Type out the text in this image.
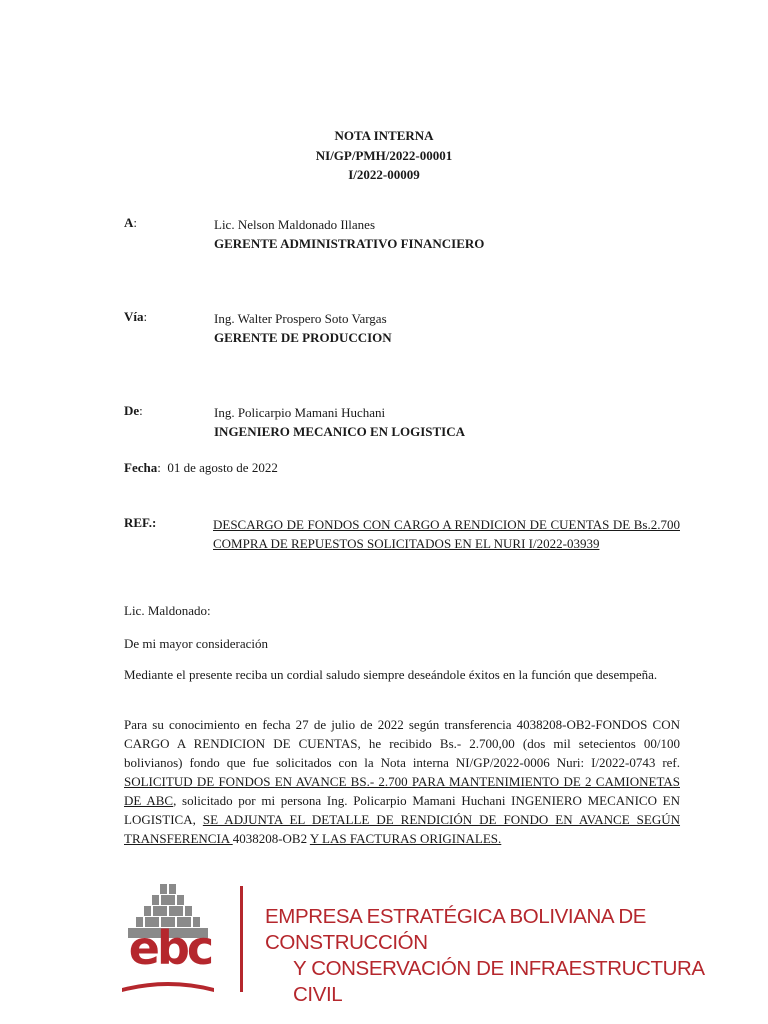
NOTA INTERNA
NI/GP/PMH/2022-00001
I/2022-00009
A:	Lic. Nelson Maldonado Illanes
GERENTE ADMINISTRATIVO FINANCIERO
Vía:	Ing. Walter Prospero Soto Vargas
GERENTE DE PRODUCCION
De:	Ing. Policarpio Mamani Huchani
INGENIERO MECANICO EN LOGISTICA
Fecha: 01 de agosto de 2022
REF.:	DESCARGO DE FONDOS CON CARGO A RENDICION DE CUENTAS DE Bs.2.700 COMPRA DE REPUESTOS SOLICITADOS EN EL NURI I/2022-03939
Lic. Maldonado:
De mi mayor consideración
Mediante el presente reciba un cordial saludo siempre deseándole éxitos en la función que desempeña.
Para su conocimiento en fecha 27 de julio de 2022 según transferencia 4038208-OB2-FONDOS CON CARGO A RENDICION DE CUENTAS, he recibido Bs.- 2.700,00 (dos mil setecientos 00/100 bolivianos) fondo que fue solicitados con la Nota interna NI/GP/2022-0006 Nuri: I/2022-0743 ref. SOLICITUD DE FONDOS EN AVANCE BS.- 2.700 PARA MANTENIMIENTO DE 2 CAMIONETAS DE ABC, solicitado por mi persona Ing. Policarpio Mamani Huchani INGENIERO MECANICO EN LOGISTICA, SE ADJUNTA EL DETALLE DE RENDICIÓN DE FONDO EN AVANCE SEGÚN TRANSFERENCIA 4038208-OB2 Y LAS FACTURAS ORIGINALES.
ebc
EMPRESA ESTRATÉGICA BOLIVIANA DE CONSTRUCCIÓN
Y CONSERVACIÓN DE INFRAESTRUCTURA CIVIL
